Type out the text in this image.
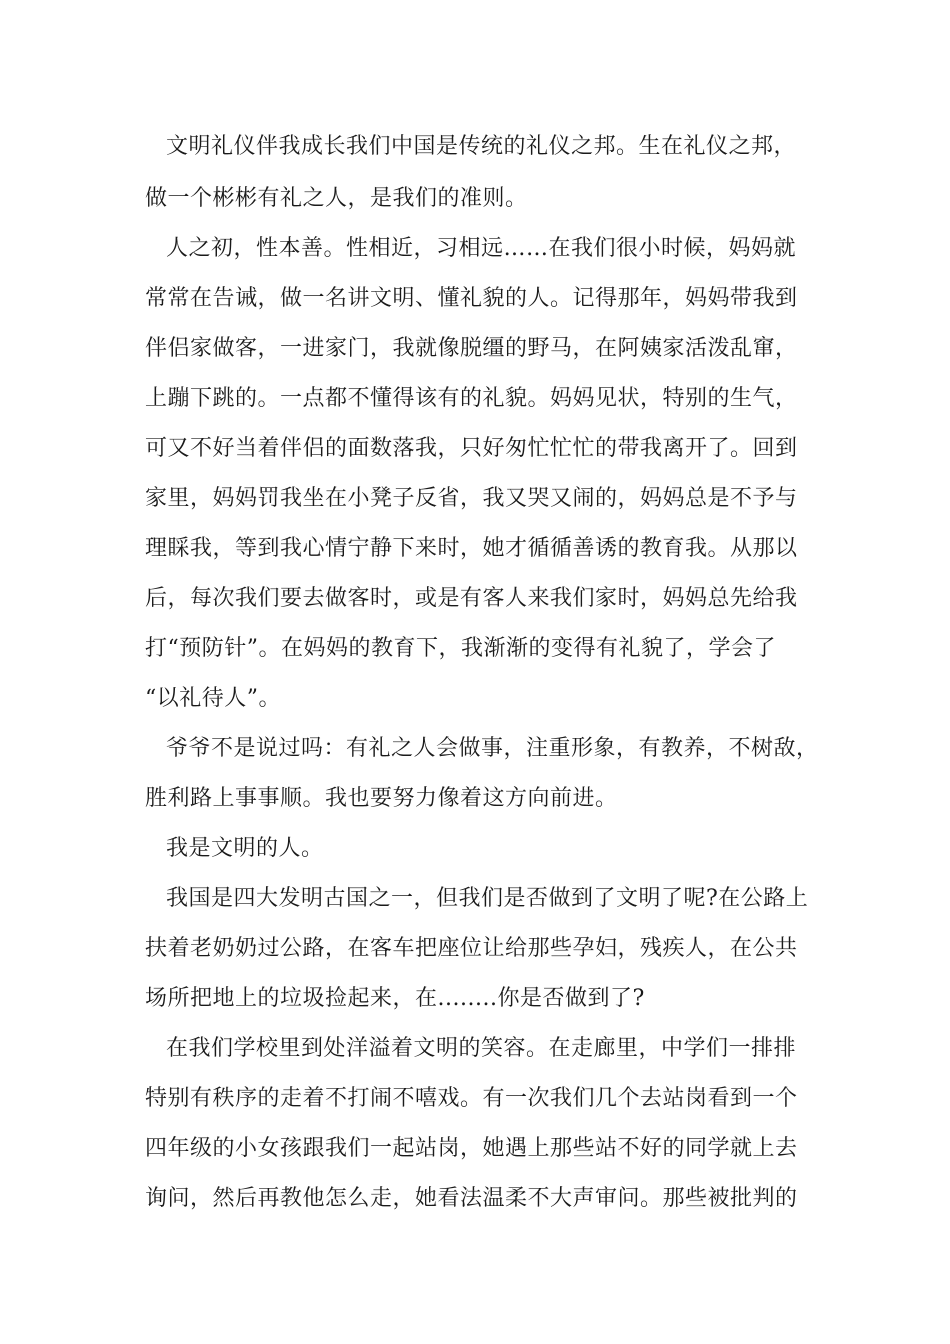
文明礼仪伴我成长我们中国是传统的礼仪之邦。生在礼仪之邦，

做一个彬彬有礼之人，是我们的准则。

人之初，性本善。性相近，习相远……在我们很小时候，妈妈就

常常在告诫，做一名讲文明、懂礼貌的人。记得那年，妈妈带我到

伴侣家做客，一进家门，我就像脱缰的野马，在阿姨家活泼乱窜，

上蹦下跳的。一点都不懂得该有的礼貌。妈妈见状，特别的生气，

可又不好当着伴侣的面数落我，只好匆忙忙忙的带我离开了。回到

家里，妈妈罚我坐在小凳子反省，我又哭又闹的，妈妈总是不予与

理睬我，等到我心情宁静下来时，她才循循善诱的教育我。从那以

后，每次我们要去做客时，或是有客人来我们家时，妈妈总先给我

打“预防针”。在妈妈的教育下，我渐渐的变得有礼貌了，学会了

“以礼待人”。

爷爷不是说过吗：有礼之人会做事，注重形象，有教养，不树敌，

胜利路上事事顺。我也要努力像着这方向前进。

我是文明的人。

我国是四大发明古国之一，但我们是否做到了文明了呢?在公路上

扶着老奶奶过公路，在客车把座位让给那些孕妇，残疾人，在公共

场所把地上的垃圾捡起来，在........你是否做到了?

在我们学校里到处洋溢着文明的笑容。在走廊里，中学们一排排

特别有秩序的走着不打闹不嘻戏。有一次我们几个去站岗看到一个

四年级的小女孩跟我们一起站岗，她遇上那些站不好的同学就上去

询问，然后再教他怎么走，她看法温柔不大声审问。那些被批判的
